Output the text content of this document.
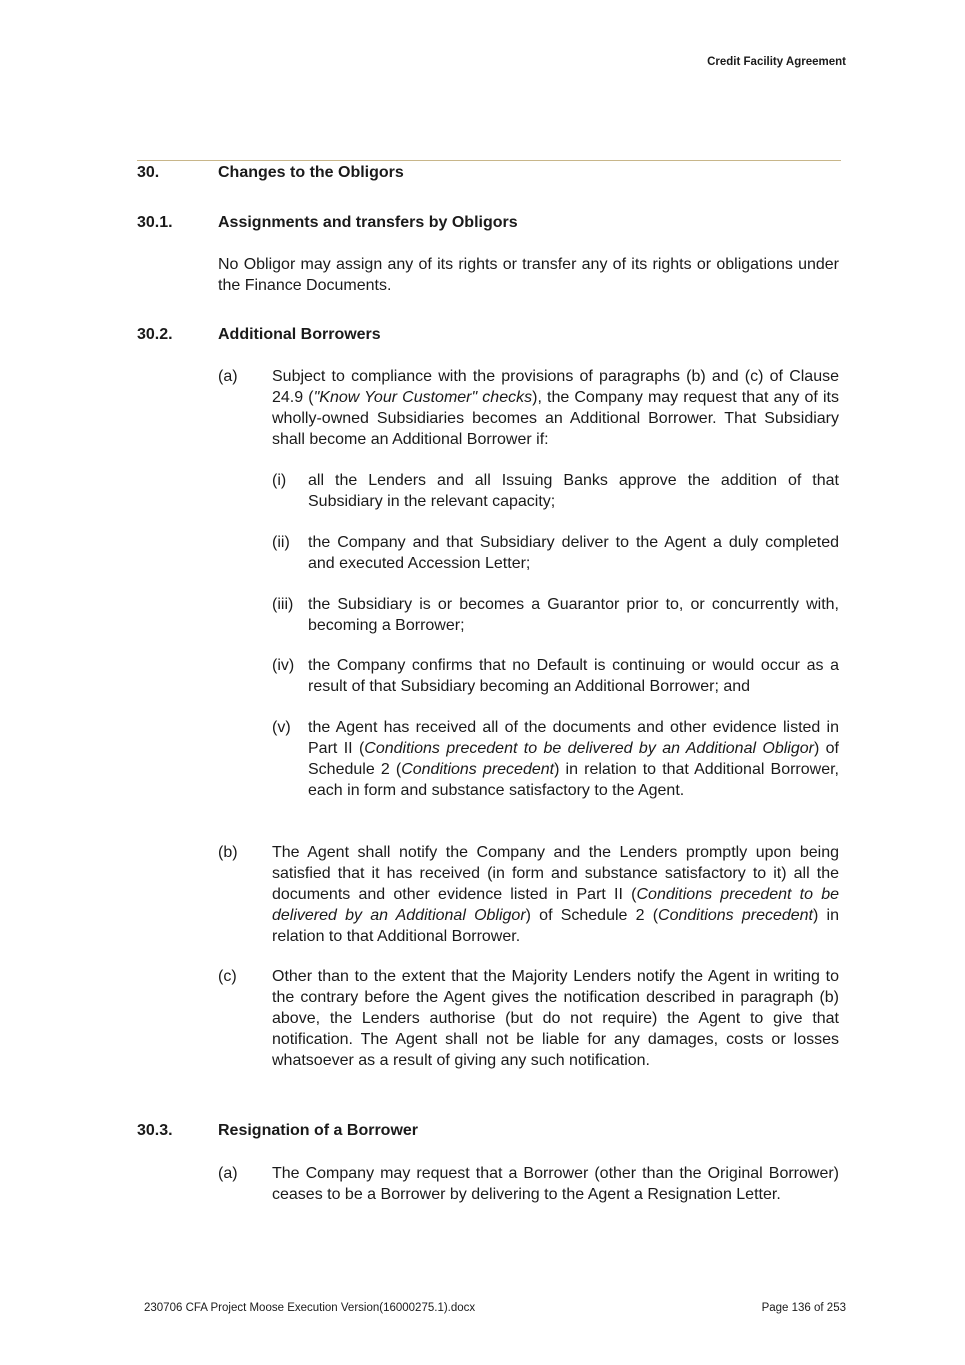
Credit Facility Agreement
30.	Changes to the Obligors
30.1.	Assignments and transfers by Obligors
No Obligor may assign any of its rights or transfer any of its rights or obligations under the Finance Documents.
30.2.	Additional Borrowers
(a) Subject to compliance with the provisions of paragraphs (b) and (c) of Clause 24.9 ("Know Your Customer" checks), the Company may request that any of its wholly-owned Subsidiaries becomes an Additional Borrower. That Subsidiary shall become an Additional Borrower if:
(i) all the Lenders and all Issuing Banks approve the addition of that Subsidiary in the relevant capacity;
(ii) the Company and that Subsidiary deliver to the Agent a duly completed and executed Accession Letter;
(iii) the Subsidiary is or becomes a Guarantor prior to, or concurrently with, becoming a Borrower;
(iv) the Company confirms that no Default is continuing or would occur as a result of that Subsidiary becoming an Additional Borrower; and
(v) the Agent has received all of the documents and other evidence listed in Part II (Conditions precedent to be delivered by an Additional Obligor) of Schedule 2 (Conditions precedent) in relation to that Additional Borrower, each in form and substance satisfactory to the Agent.
(b) The Agent shall notify the Company and the Lenders promptly upon being satisfied that it has received (in form and substance satisfactory to it) all the documents and other evidence listed in Part II (Conditions precedent to be delivered by an Additional Obligor) of Schedule 2 (Conditions precedent) in relation to that Additional Borrower.
(c) Other than to the extent that the Majority Lenders notify the Agent in writing to the contrary before the Agent gives the notification described in paragraph (b) above, the Lenders authorise (but do not require) the Agent to give that notification. The Agent shall not be liable for any damages, costs or losses whatsoever as a result of giving any such notification.
30.3.	Resignation of a Borrower
(a) The Company may request that a Borrower (other than the Original Borrower) ceases to be a Borrower by delivering to the Agent a Resignation Letter.
230706 CFA Project Moose Execution Version(16000275.1).docx	Page 136 of 253
